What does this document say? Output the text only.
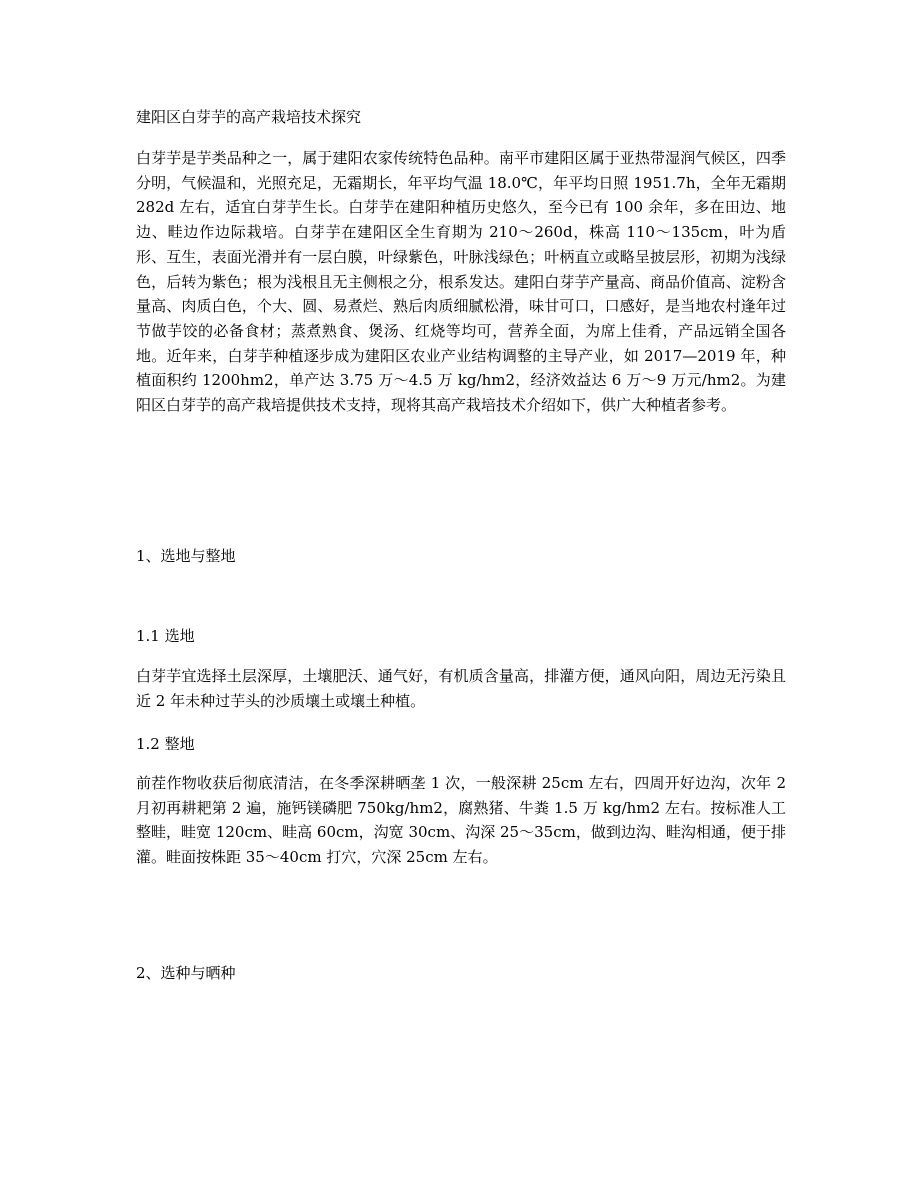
建阳区白芽芋的高产栽培技术探究
白芽芋是芋类品种之一，属于建阳农家传统特色品种。南平市建阳区属于亚热带湿润气候区，四季分明，气候温和，光照充足，无霜期长，年平均气温 18.0℃，年平均日照 1951.7h，全年无霜期 282d 左右，适宜白芽芋生长。白芽芋在建阳种植历史悠久，至今已有 100 余年，多在田边、地边、畦边作边际栽培。白芽芋在建阳区全生育期为 210～260d，株高 110～135cm，叶为盾形、互生，表面光滑并有一层白膜，叶绿紫色，叶脉浅绿色；叶柄直立或略呈披层形，初期为浅绿色，后转为紫色；根为浅根且无主侧根之分，根系发达。建阳白芽芋产量高、商品价值高、淀粉含量高、肉质白色，个大、圆、易煮烂、熟后肉质细腻松滑，味甘可口，口感好，是当地农村逢年过节做芋饺的必备食材；蒸煮熟食、煲汤、红烧等均可，营养全面，为席上佳肴，产品远销全国各地。近年来，白芽芋种植逐步成为建阳区农业产业结构调整的主导产业，如 2017—2019 年，种植面积约 1200hm2，单产达 3.75 万～4.5 万 kg/hm2，经济效益达 6 万～9 万元/hm2。为建阳区白芽芋的高产栽培提供技术支持，现将其高产栽培技术介绍如下，供广大种植者参考。
1、选地与整地
1.1 选地
白芽芋宜选择土层深厚，土壤肥沃、通气好，有机质含量高，排灌方便，通风向阳，周边无污染且近 2 年未种过芋头的沙质壤土或壤土种植。
1.2 整地
前茬作物收获后彻底清洁，在冬季深耕晒垄 1 次，一般深耕 25cm 左右，四周开好边沟，次年 2 月初再耕耙第 2 遍，施钙镁磷肥 750kg/hm2，腐熟猪、牛粪 1.5 万 kg/hm2 左右。按标准人工整畦，畦宽 120cm、畦高 60cm，沟宽 30cm、沟深 25～35cm，做到边沟、畦沟相通，便于排灌。畦面按株距 35～40cm 打穴，穴深 25cm 左右。
2、选种与晒种
